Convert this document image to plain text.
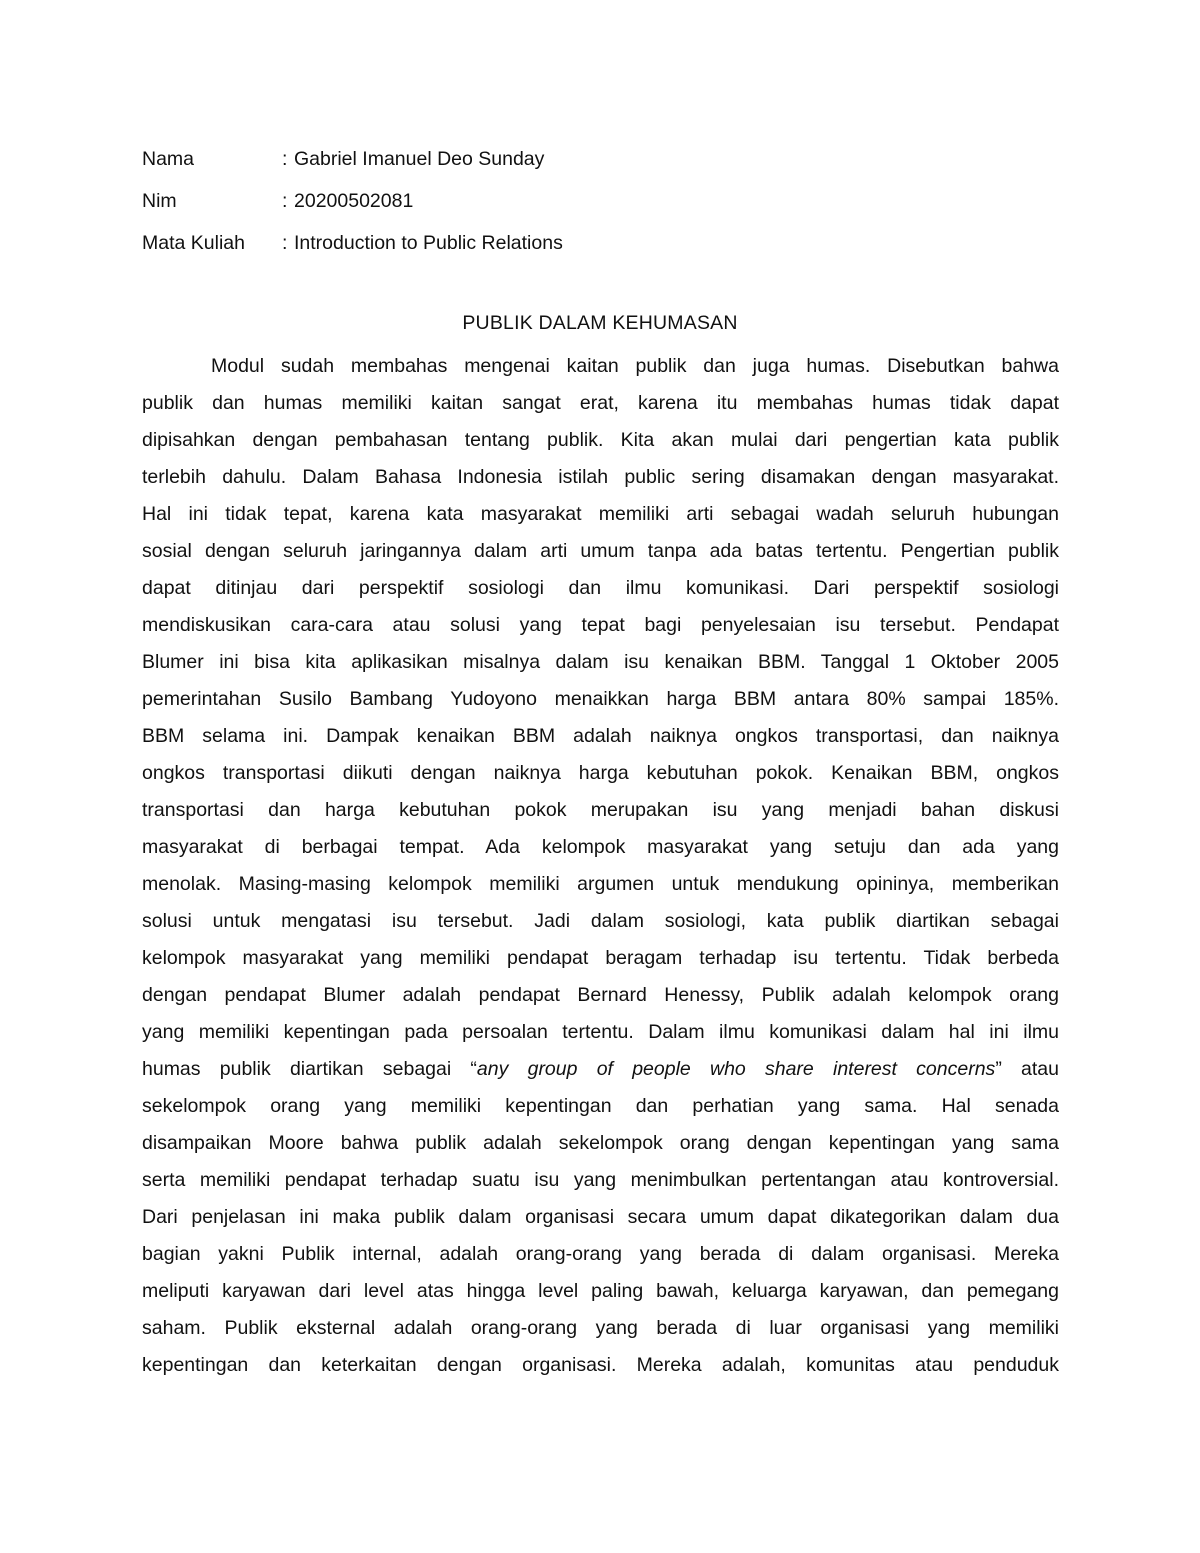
Nama	: Gabriel Imanuel Deo Sunday
Nim	: 20200502081
Mata Kuliah	: Introduction to Public Relations
PUBLIK DALAM KEHUMASAN
Modul sudah membahas mengenai kaitan publik dan juga humas. Disebutkan bahwa
publik dan humas memiliki kaitan sangat erat, karena itu membahas humas tidak dapat
dipisahkan dengan pembahasan tentang publik. Kita akan mulai dari pengertian kata publik
terlebih dahulu. Dalam Bahasa Indonesia istilah public sering disamakan dengan masyarakat.
Hal ini tidak tepat, karena kata masyarakat memiliki arti sebagai wadah seluruh hubungan
sosial dengan seluruh jaringannya dalam arti umum tanpa ada batas tertentu. Pengertian publik
dapat ditinjau dari perspektif sosiologi dan ilmu komunikasi. Dari perspektif sosiologi
mendiskusikan cara-cara atau solusi yang tepat bagi penyelesaian isu tersebut. Pendapat
Blumer ini bisa kita aplikasikan misalnya dalam isu kenaikan BBM. Tanggal 1 Oktober 2005
pemerintahan Susilo Bambang Yudoyono menaikkan harga BBM antara 80% sampai 185%.
BBM selama ini. Dampak kenaikan BBM adalah naiknya ongkos transportasi, dan naiknya
ongkos transportasi diikuti dengan naiknya harga kebutuhan pokok. Kenaikan BBM, ongkos
transportasi dan harga kebutuhan pokok merupakan isu yang menjadi bahan diskusi
masyarakat di berbagai tempat. Ada kelompok masyarakat yang setuju dan ada yang
menolak. Masing-masing kelompok memiliki argumen untuk mendukung opininya, memberikan
solusi untuk mengatasi isu tersebut. Jadi dalam sosiologi, kata publik diartikan sebagai
kelompok masyarakat yang memiliki pendapat beragam terhadap isu tertentu. Tidak berbeda
dengan pendapat Blumer adalah pendapat Bernard Henessy, Publik adalah kelompok orang
yang memiliki kepentingan pada persoalan tertentu. Dalam ilmu komunikasi dalam hal ini ilmu
humas publik diartikan sebagai “any group of people who share interest concerns” atau
sekelompok orang yang memiliki kepentingan dan perhatian yang sama. Hal senada
disampaikan Moore bahwa publik adalah sekelompok orang dengan kepentingan yang sama
serta memiliki pendapat terhadap suatu isu yang menimbulkan pertentangan atau kontroversial.
Dari penjelasan ini maka publik dalam organisasi secara umum dapat dikategorikan dalam dua
bagian yakni Publik internal, adalah orang-orang yang berada di dalam organisasi. Mereka
meliputi karyawan dari level atas hingga level paling bawah, keluarga karyawan, dan pemegang
saham. Publik eksternal adalah orang-orang yang berada di luar organisasi yang memiliki
kepentingan dan keterkaitan dengan organisasi. Mereka adalah, komunitas atau penduduk
